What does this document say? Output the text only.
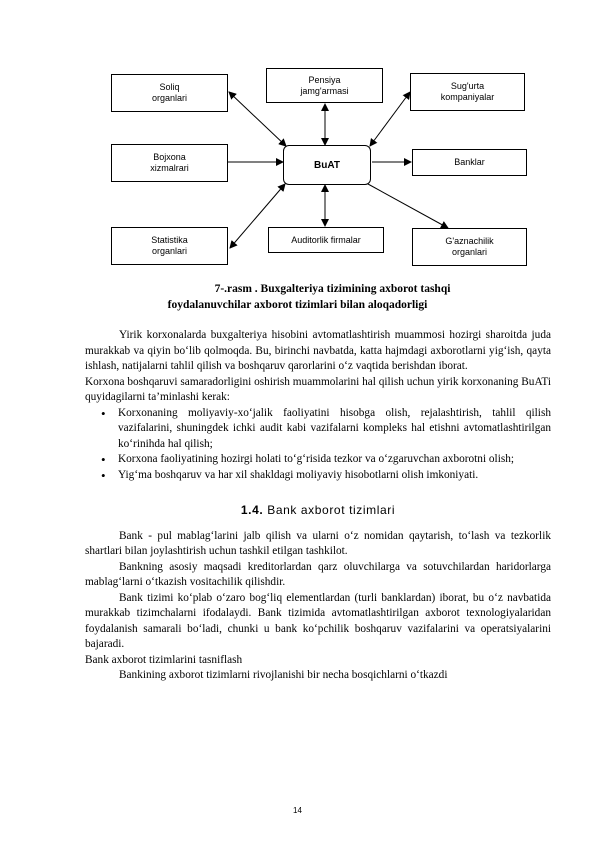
Soliq
organlari
Pensiya
jamg'armasi	Sug'urta
kompaniyalar
Bojxona
xizmalrari	BuAT	Banklar
Statistika
organlari
Auditorlik firmalar	G'aznachilik
organlari
7-.rasm . Buxgalteriya tizimining axborot tashqi
foydalanuvchilar axborot tizimlari bilan aloqadorligi

Yirik korxonalarda buxgalteriya hisobini avtomatlashtirish muammosi hozirgi sharoitda juda murakkab va qiyin bo‘lib qolmoqda. Bu, birinchi navbatda, katta hajmdagi axborotlarni yig‘ish, qayta ishlash, natijalarni tahlil qilish va boshqaruv qarorlarini o‘z vaqtida berishdan iborat.

Korxona boshqaruvi samaradorligini oshirish muammolarini hal qilish uchun yirik korxonaning BuATi quyidagilarni ta’minlashi kerak:

• Korxonaning moliyaviy-xo‘jalik faoliyatini hisobga olish, rejalashtirish, tahlil qilish vazifalarini, shuningdek ichki audit kabi vazifalarni kompleks hal etishni avtomatlashtirilgan ko‘rinihda hal qilish;
• Korxona faoliyatining hozirgi holati to‘g‘risida tezkor va o‘zgaruvchan axborotni olish;
• Yig‘ma boshqaruv va har xil shakldagi moliyaviy hisobotlarni olish imkoniyati.
1.4. Bank axborot tizimlari

Bank - pul mablag‘larini jalb qilish va ularni o‘z nomidan qaytarish, to‘lash va tezkorlik shartlari bilan joylashtirish uchun tashkil etilgan tashkilot.

Bankning asosiy maqsadi kreditorlardan qarz oluvchilarga va sotuvchilardan haridorlarga mablag‘larni o‘tkazish vositachilik qilishdir.

Bank tizimi ko‘plab o‘zaro bog‘liq elementlardan (turli banklardan) iborat, bu o‘z navbatida murakkab tizimchalarni ifodalaydi. Bank tizimida avtomatlashtirilgan axborot texnologiyalaridan foydalanish samarali bo‘ladi, chunki u bank ko‘pchilik boshqaruv vazifalarini va operatsiyalarini bajaradi.

Bank axborot tizimlarini tasniflash

Bankining axborot tizimlarni rivojlanishi bir necha bosqichlarni o‘tkazdi

14
